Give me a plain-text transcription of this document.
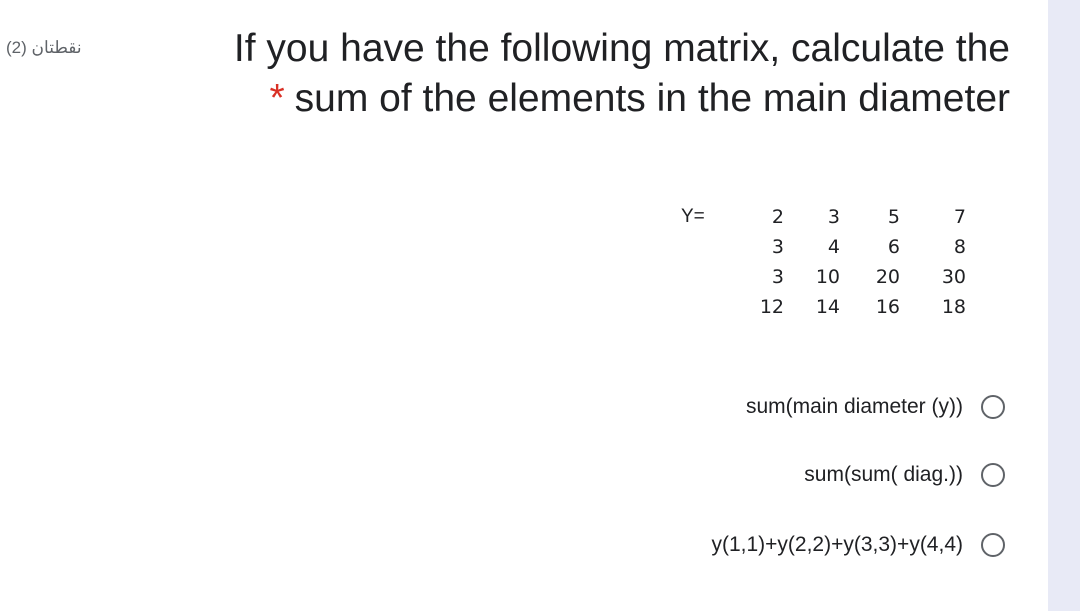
نقطتان (2)	If you have the following matrix, calculate the
* sum of the elements in the main diameter
Y=	2	3	5	7
3	4	6	8
3	10	20	30
12	14	16	18
sum(main diameter (y))
sum(sum( diag.))
y(1,1)+y(2,2)+y(3,3)+y(4,4)
